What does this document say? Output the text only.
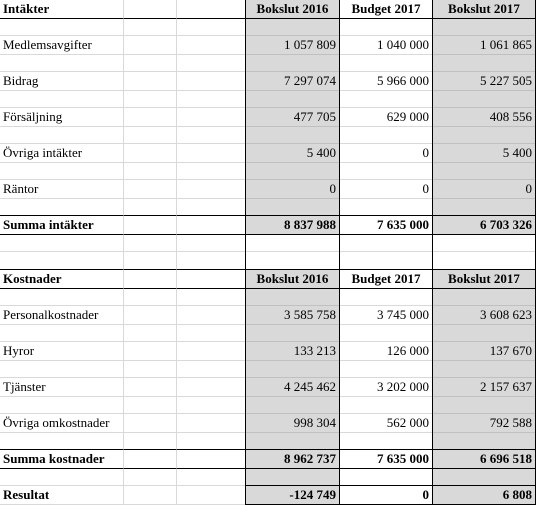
Intäkter	Bokslut 2016	Budget 2017	Bokslut 2017
Medlemsavgifter	1 057 809	1 040 000	1 061 865
Bidrag	7 297 074	5 966 000	5 227 505
Försäljning	477 705	629 000	408 556
Övriga intäkter	5 400	0	5 400
Räntor	0	0	0
Summa intäkter	8 837 988	7 635 000	6 703 326
Kostnader	Bokslut 2016	Budget 2017	Bokslut 2017
Personalkostnader	3 585 758	3 745 000	3 608 623
Hyror	133 213	126 000	137 670
Tjänster	4 245 462	3 202 000	2 157 637
Övriga omkostnader	998 304	562 000	792 588
Summa kostnader	8 962 737	7 635 000	6 696 518
Resultat	-124 749	0	6 808
